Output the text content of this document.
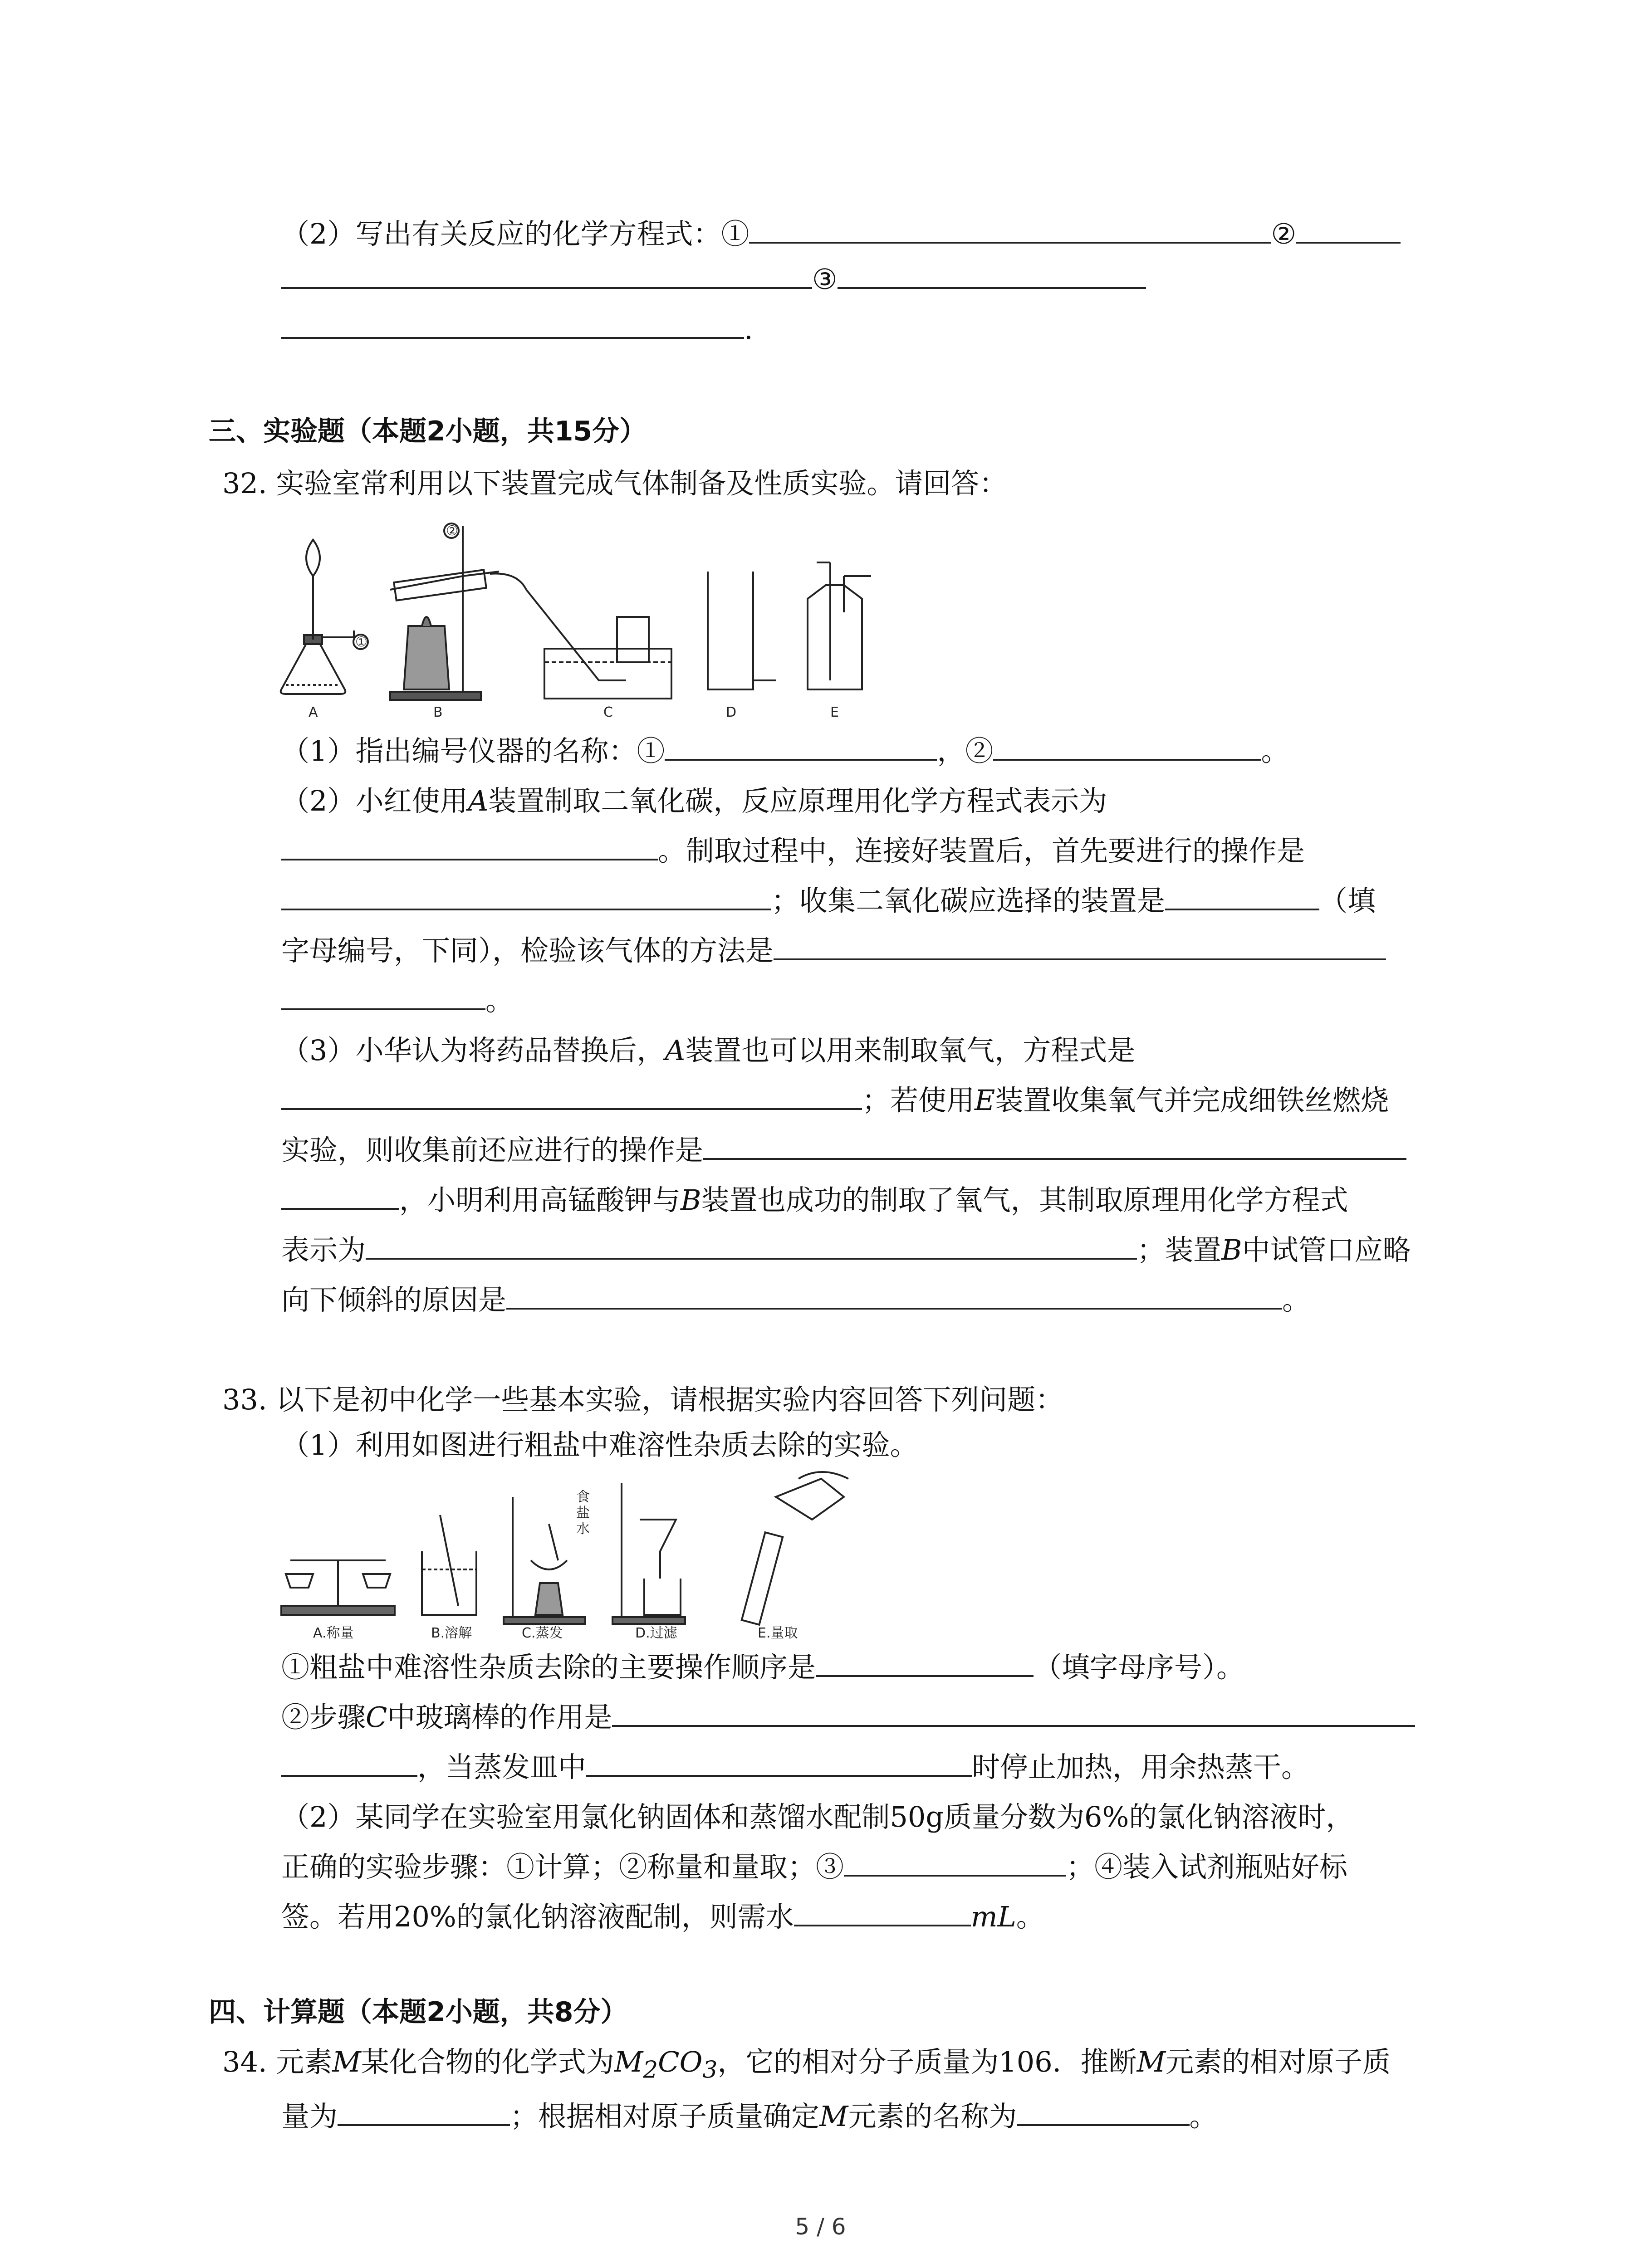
（2）写出有关反应的化学方程式：①	②
③
.
三、实验题（本题2小题，共15分）
32. 实验室常利用以下装置完成气体制备及性质实验。请回答：
A	B	C	D	E
①
②
（1）指出编号仪器的名称：①	，②	。
（2）小红使用A装置制取二氧化碳，反应原理用化学方程式表示为
。制取过程中，连接好装置后，首先要进行的操作是
；收集二氧化碳应选择的装置是	（填
字母编号，下同），检验该气体的方法是
。
（3）小华认为将药品替换后，A装置也可以用来制取氧气，方程式是
；若使用E装置收集氧气并完成细铁丝燃烧
实验，则收集前还应进行的操作是
，小明利用高锰酸钾与B装置也成功的制取了氧气，其制取原理用化学方程式
表示为	；装置B中试管口应略
向下倾斜的原因是	。
33. 以下是初中化学一些基本实验，请根据实验内容回答下列问题：
（1）利用如图进行粗盐中难溶性杂质去除的实验。
A.称量	B.溶解	C.蒸发	D.过滤	E.量取
食
盐
水
①粗盐中难溶性杂质去除的主要操作顺序是	（填字母序号）。
②步骤C中玻璃棒的作用是
，当蒸发皿中	时停止加热，用余热蒸干。
（2）某同学在实验室用氯化钠固体和蒸馏水配制50g质量分数为6%的氯化钠溶液时，
正确的实验步骤：①计算；②称量和量取；③	；④装入试剂瓶贴好标
签。若用20%的氯化钠溶液配制，则需水	mL。
四、计算题（本题2小题，共8分）
34. 元素M某化合物的化学式为$M_2CO_3$，它的相对分子质量为106．推断M元素的相对原子质
量为	；根据相对原子质量确定M元素的名称为	。
5 / 6
